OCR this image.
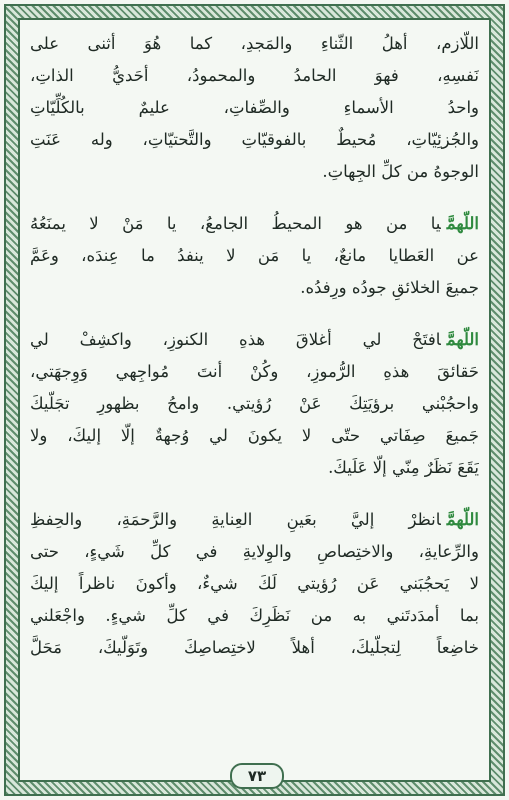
اللّازم، أهلُ الثّناءِ والمَجدِ، كما هُوَ أثنى على
نَفسِهِ، فهوَ الحامدُ والمحمودُ، أحَديُّ الذاتِ،
واحدُ الأسماءِ والصِّفاتِ، عليمٌ بالكُلِّيّاتِ
والجُزئِيّاتِ، مُحيطٌ بالفوقيّاتِ والتَّحتيّاتِ، وله عَنَتِ
الوجوهُ من كلِّ الجِهاتِ.

اللّهمَّيا من هو المحيطُ الجامعُ، يا مَنْ لا يمنَعُهُ
عن العَطايا مانعٌ، يا مَن لا ينفدُ ما عِندَه، وعَمَّ
جميعَ الخلائقِ جودُه ورِفدُه.

اللّهمَّافتَحْ لي أغلاقَ هذهِ الكنوزِ، واكشِفْ لي
حَقائقَ هذهِ الرُّموزِ، وكُنْ أنتَ مُواجِهي وَوِجهَتي،
واحجُبْني برؤيَتِكَ عَنْ رُؤيتي. وامحُ بظهورِ تجَلّيكَ
جَميعَ صِفَاتي حتّى لا يكونَ لي وُجهةٌ إلّا إليكَ، ولا
يَقَعَ نَظَرٌ مِنّي إلّا عَلَيكَ.

اللّهمَّانظرْ إليَّ بعَينِ العِنايةِ والرَّحمَةِ، والحِفظِ
والرِّعايةِ، والاختِصاصِ والوِلايةِ في كلِّ شَيءٍ، حتى
لا يَحجُبَني عَن رُؤيتي لَكَ شيءٌ، وأكونَ ناظراً إليكَ
بما أمدَدتَني به من نَظَرِكَ في كلِّ شيءٍ. واجْعَلني
خاضِعاً لِتجلّيكَ، أهلاً لاختِصاصِكَ وتَوَلّيكَ، مَحَلَّ

٧٣
